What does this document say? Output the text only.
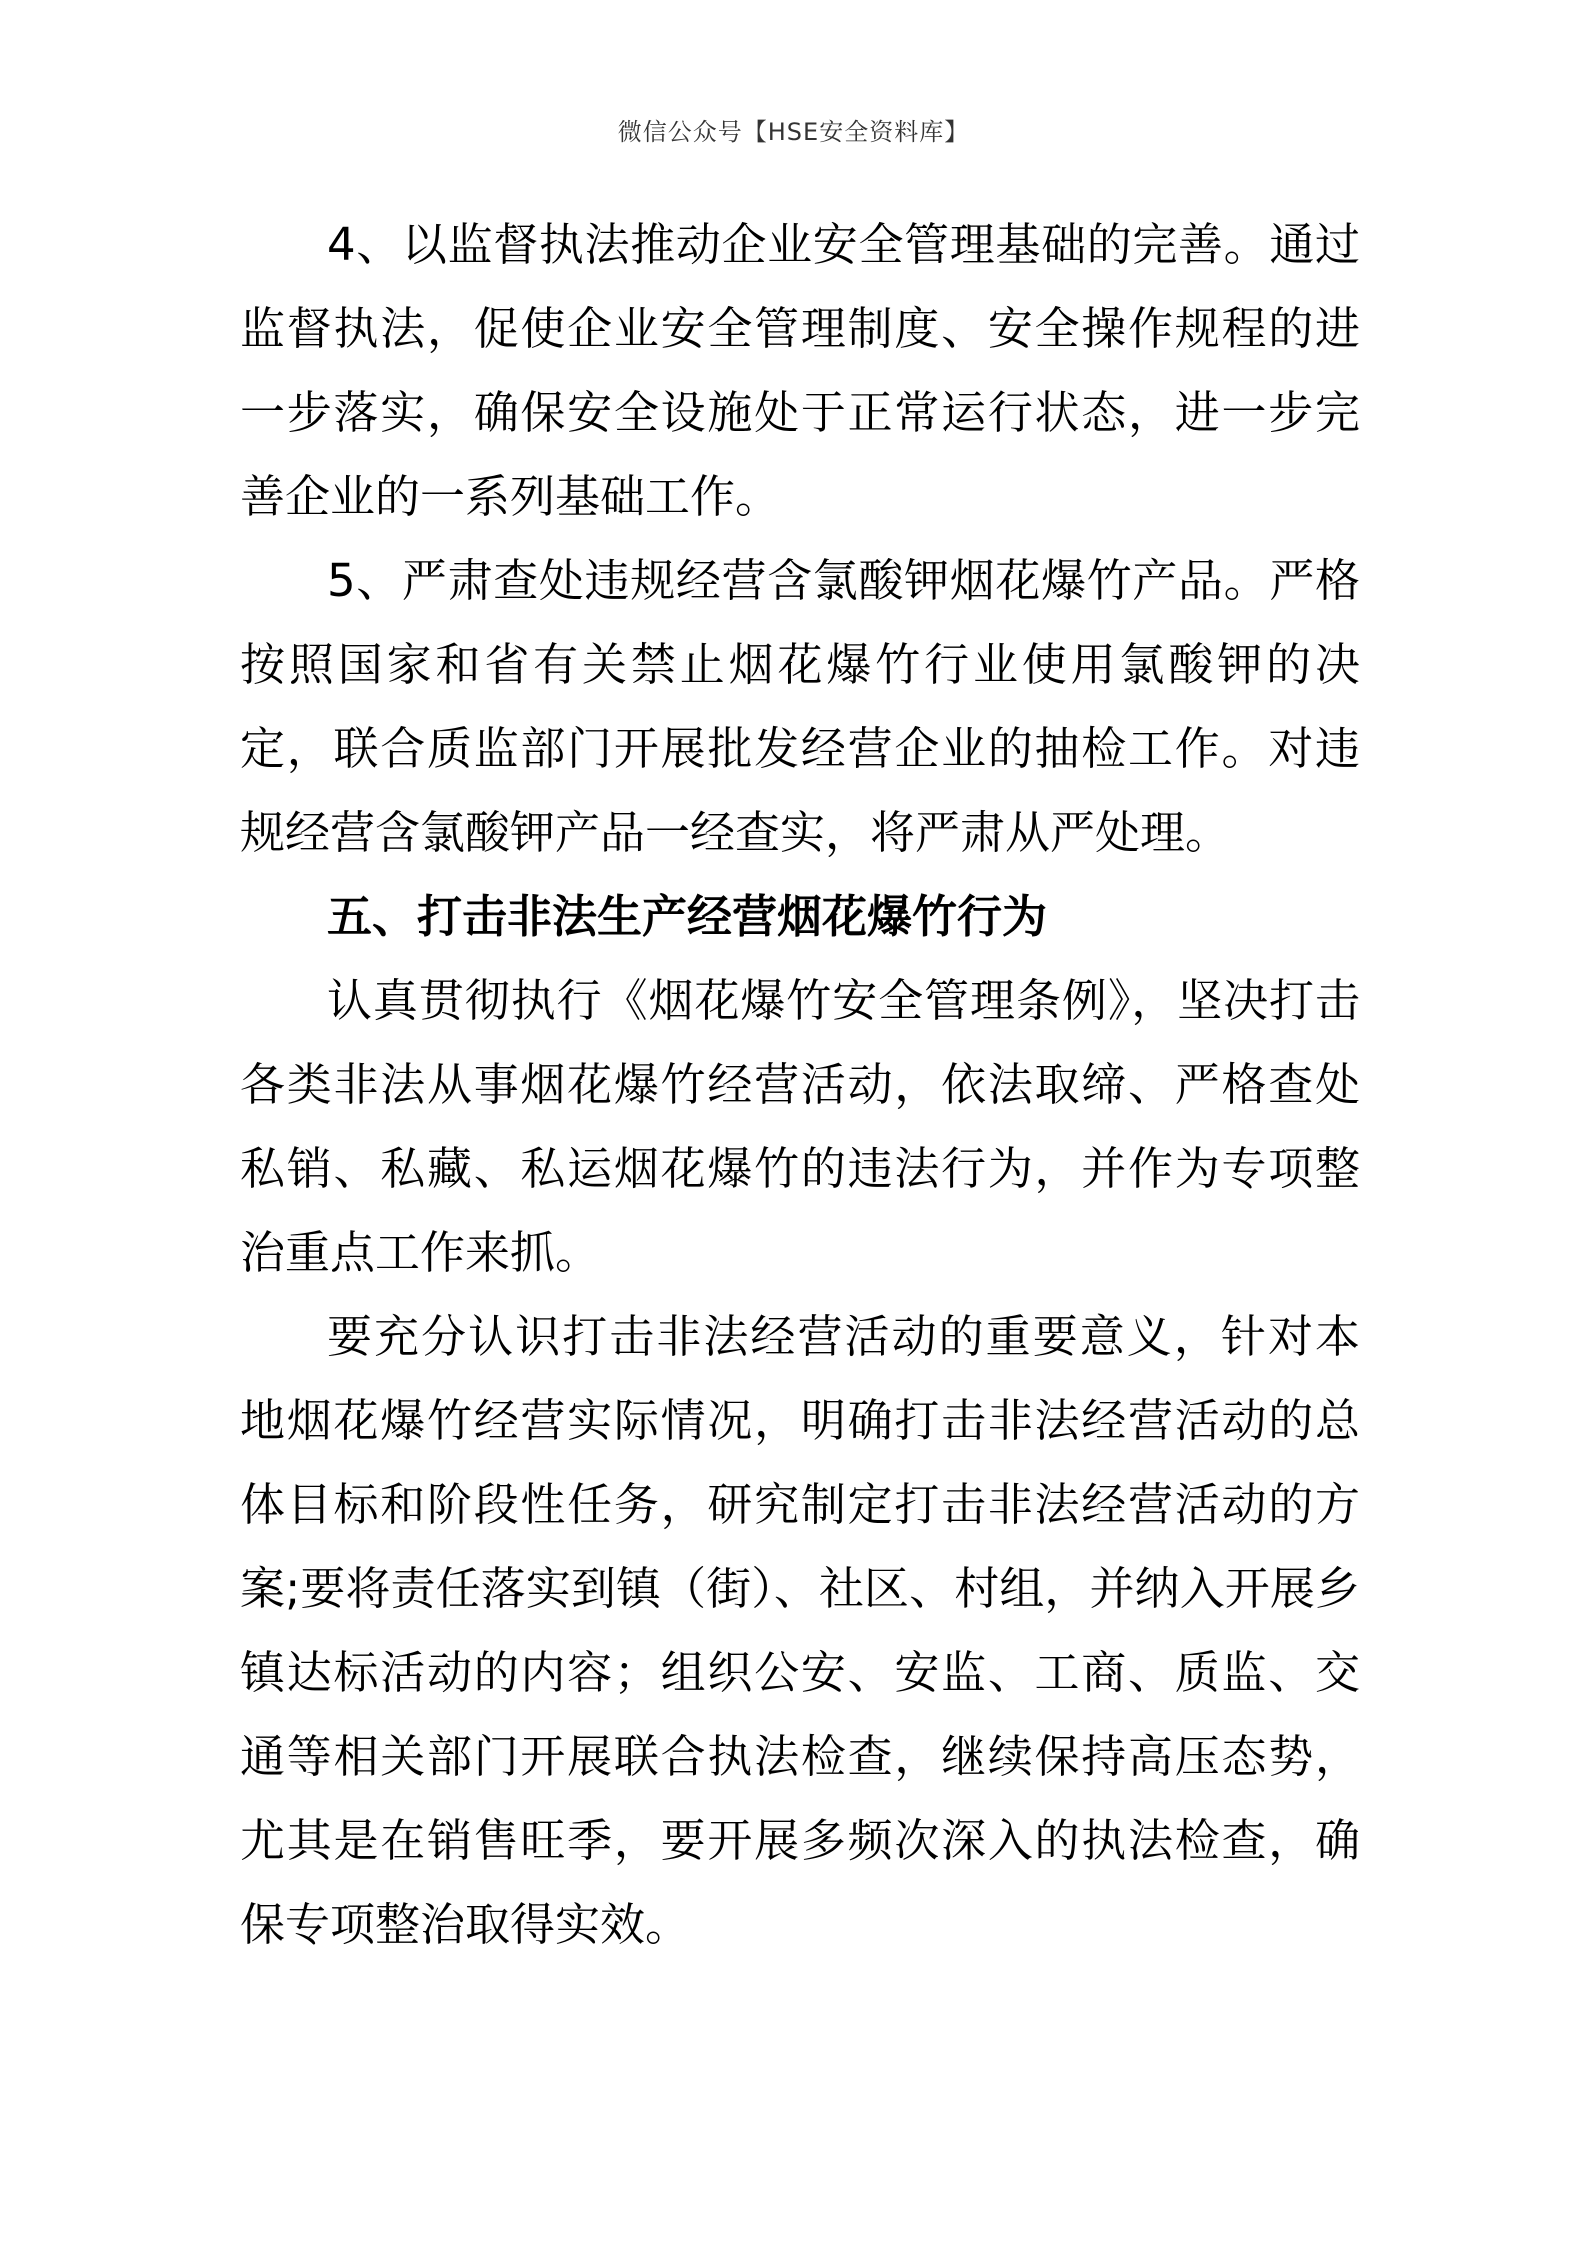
微信公众号【HSE安全资料库】

4、以监督执法推动企业安全管理基础的完善。通过监督执法，促使企业安全管理制度、安全操作规程的进一步落实，确保安全设施处于正常运行状态，进一步完善企业的一系列基础工作。

5、严肃查处违规经营含氯酸钾烟花爆竹产品。严格按照国家和省有关禁止烟花爆竹行业使用氯酸钾的决定，联合质监部门开展批发经营企业的抽检工作。对违规经营含氯酸钾产品一经查实，将严肃从严处理。

五、打击非法生产经营烟花爆竹行为

认真贯彻执行《烟花爆竹安全管理条例》，坚决打击各类非法从事烟花爆竹经营活动，依法取缔、严格查处私销、私藏、私运烟花爆竹的违法行为，并作为专项整治重点工作来抓。

要充分认识打击非法经营活动的重要意义，针对本地烟花爆竹经营实际情况，明确打击非法经营活动的总体目标和阶段性任务，研究制定打击非法经营活动的方案;要将责任落实到镇（街）、社区、村组，并纳入开展乡镇达标活动的内容；组织公安、安监、工商、质监、交通等相关部门开展联合执法检查，继续保持高压态势，尤其是在销售旺季，要开展多频次深入的执法检查，确保专项整治取得实效。
